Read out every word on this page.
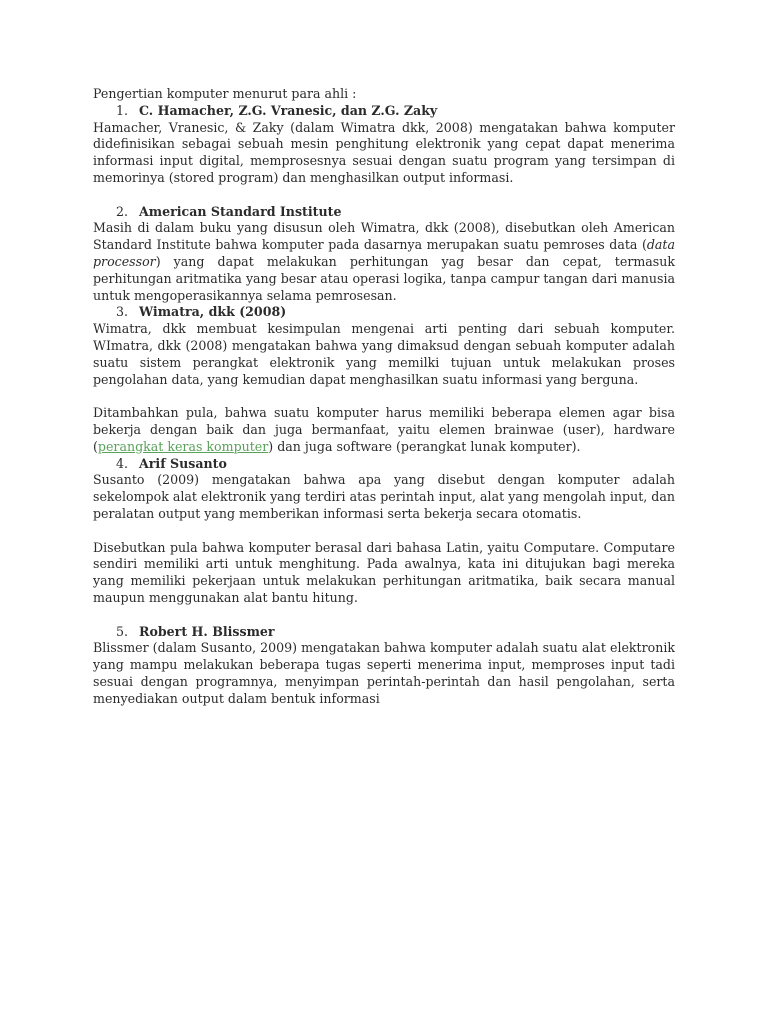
Pengertian komputer menurut para ahli :

1. C. Hamacher, Z.G. Vranesic, dan Z.G. Zaky

Hamacher, Vranesic, & Zaky (dalam Wimatra dkk, 2008) mengatakan bahwa komputer didefinisikan sebagai sebuah mesin penghitung elektronik yang cepat dapat menerima informasi input digital, memprosesnya sesuai dengan suatu program yang tersimpan di memorinya (stored program) dan menghasilkan output informasi.

2. American Standard Institute

Masih di dalam buku yang disusun oleh Wimatra, dkk (2008), disebutkan oleh American Standard Institute bahwa komputer pada dasarnya merupakan suatu pemroses data (data processor) yang dapat melakukan perhitungan yag besar dan cepat, termasuk perhitungan aritmatika yang besar atau operasi logika, tanpa campur tangan dari manusia untuk mengoperasikannya selama pemrosesan.

3. Wimatra, dkk (2008)

Wimatra, dkk membuat kesimpulan mengenai arti penting dari sebuah komputer. WImatra, dkk (2008) mengatakan bahwa yang dimaksud dengan sebuah komputer adalah suatu sistem perangkat elektronik yang memilki tujuan untuk melakukan proses pengolahan data, yang kemudian dapat menghasilkan suatu informasi yang berguna.

Ditambahkan pula, bahwa suatu komputer harus memiliki beberapa elemen agar bisa bekerja dengan baik dan juga bermanfaat, yaitu elemen brainwae (user), hardware (perangkat keras komputer) dan juga software (perangkat lunak komputer).

4. Arif Susanto

Susanto (2009) mengatakan bahwa apa yang disebut dengan komputer adalah sekelompok alat elektronik yang terdiri atas perintah input, alat yang mengolah input, dan peralatan output yang memberikan informasi serta bekerja secara otomatis.

Disebutkan pula bahwa komputer berasal dari bahasa Latin, yaitu Computare. Computare sendiri memiliki arti untuk menghitung. Pada awalnya, kata ini ditujukan bagi mereka yang memiliki pekerjaan untuk melakukan perhitungan aritmatika, baik secara manual maupun menggunakan alat bantu hitung.

5. Robert H. Blissmer

Blissmer (dalam Susanto, 2009) mengatakan bahwa komputer adalah suatu alat elektronik yang mampu melakukan beberapa tugas seperti menerima input, memproses input tadi sesuai dengan programnya, menyimpan perintah-perintah dan hasil pengolahan, serta menyediakan output dalam bentuk informasi
